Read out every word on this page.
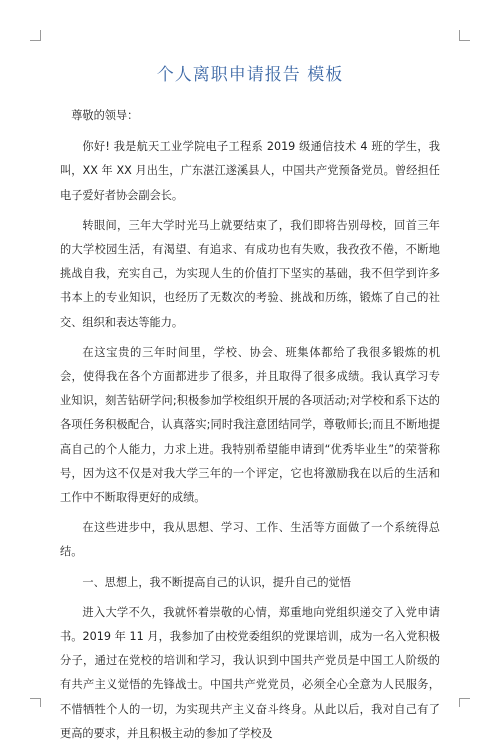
个人离职申请报告 模板

尊敬的领导：

你好! 我是航天工业学院电子工程系 2019 级通信技术 4 班的学生，我叫，XX 年 XX 月出生，广东湛江遂溪县人，中国共产党预备党员。曾经担任电子爱好者协会副会长。

转眼间，三年大学时光马上就要结束了，我们即将告别母校，回首三年的大学校园生活，有渴望、有追求、有成功也有失败，我孜孜不倦，不断地挑战自我，充实自己，为实现人生的价值打下坚实的基础，我不但学到许多书本上的专业知识，也经历了无数次的考验、挑战和历练，锻炼了自己的社交、组织和表达等能力。

在这宝贵的三年时间里，学校、协会、班集体都给了我很多锻炼的机会，使得我在各个方面都进步了很多，并且取得了很多成绩。我认真学习专业知识，刻苦钻研学问;积极参加学校组织开展的各项活动;对学校和系下达的各项任务积极配合，认真落实;同时我注意团结同学，尊敬师长;而且不断地提高自己的个人能力，力求上进。我特别希望能申请到“优秀毕业生”的荣誉称号，因为这不仅是对我大学三年的一个评定，它也将激励我在以后的生活和工作中不断取得更好的成绩。

在这些进步中，我从思想、学习、工作、生活等方面做了一个系统得总结。

一、思想上，我不断提高自己的认识，提升自己的觉悟

进入大学不久，我就怀着崇敬的心情，郑重地向党组织递交了入党申请书。2019 年 11 月，我参加了由校党委组织的党课培训，成为一名入党积极分子，通过在党校的培训和学习，我认识到中国共产党员是中国工人阶级的有共产主义觉悟的先锋战士。中国共产党党员，必须全心全意为人民服务，不惜牺牲个人的一切，为实现共产主义奋斗终身。从此以后，我对自己有了更高的要求，并且积极主动的参加了学校及
